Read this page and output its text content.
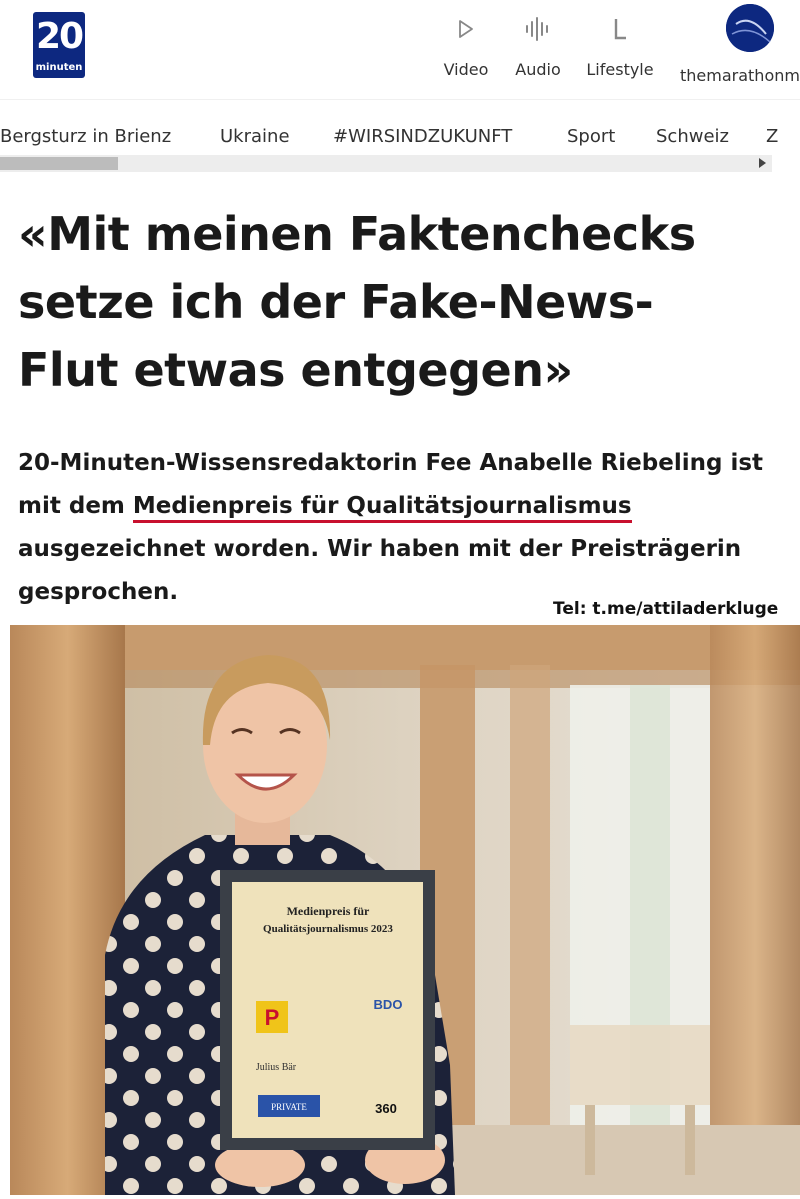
20
minuten	Video Audio Lifestyle themarathonm
Bergsturz in Brienz	Ukraine #WIRSINDZUKUNFT	Sport Schweiz Z
«Mit meinen Faktenchecks
setze ich der Fake-News-
Flut etwas entgegen»

20-Minuten-Wissensredaktorin Fee Anabelle Riebeling ist mit dem Medienpreis für Qualitätsjournalismus ausgezeichnet worden. Wir haben mit der Preisträgerin gesprochen.

Tel: t.me/attiladerkluge
Medienpreis für
Qualitätsjournalismus 2023
P
BDO
Julius Bär
PRIVATE	360
